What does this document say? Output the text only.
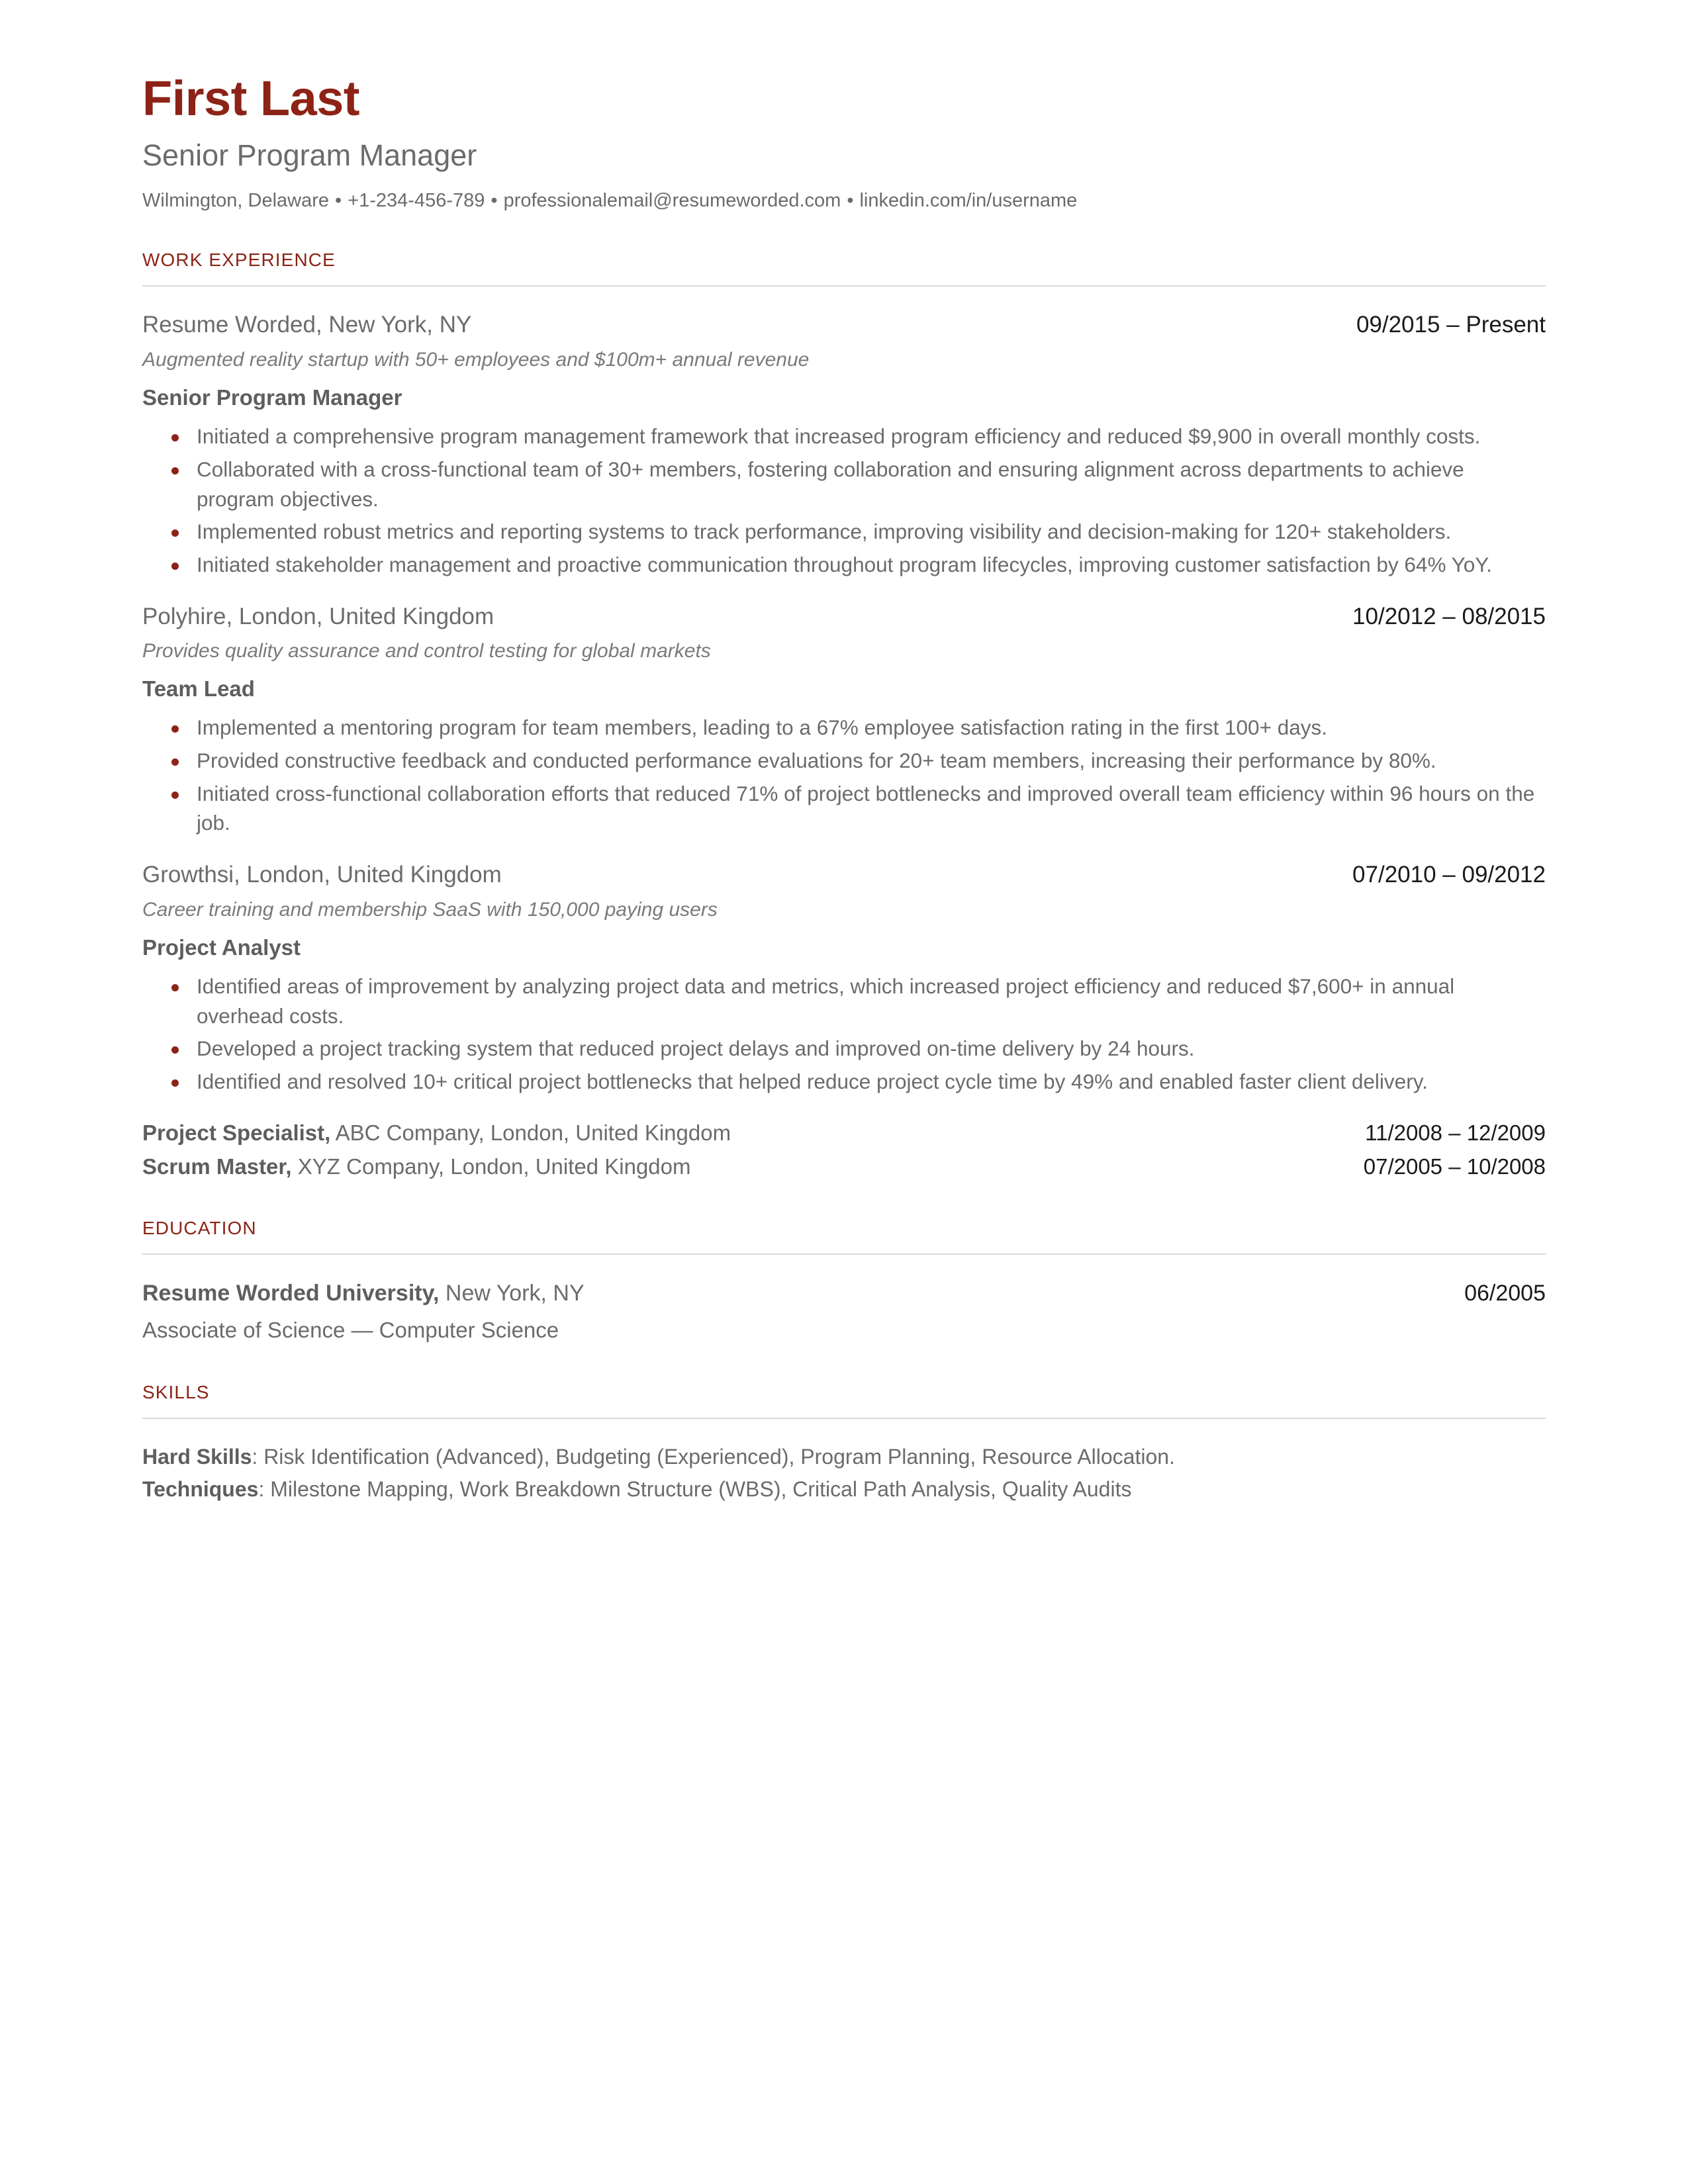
First Last
Senior Program Manager
Wilmington, Delaware • +1-234-456-789 • professionalemail@resumeworded.com • linkedin.com/in/username
WORK EXPERIENCE
Resume Worded, New York, NY	09/2015 – Present
Augmented reality startup with 50+ employees and $100m+ annual revenue
Senior Program Manager
Initiated a comprehensive program management framework that increased program efficiency and reduced $9,900 in overall monthly costs.
Collaborated with a cross-functional team of 30+ members, fostering collaboration and ensuring alignment across departments to achieve program objectives.
Implemented robust metrics and reporting systems to track performance, improving visibility and decision-making for 120+ stakeholders.
Initiated stakeholder management and proactive communication throughout program lifecycles, improving customer satisfaction by 64% YoY.
Polyhire, London, United Kingdom	10/2012 – 08/2015
Provides quality assurance and control testing for global markets
Team Lead
Implemented a mentoring program for team members, leading to a 67% employee satisfaction rating in the first 100+ days.
Provided constructive feedback and conducted performance evaluations for 20+ team members, increasing their performance by 80%.
Initiated cross-functional collaboration efforts that reduced 71% of project bottlenecks and improved overall team efficiency within 96 hours on the job.
Growthsi, London, United Kingdom	07/2010 – 09/2012
Career training and membership SaaS with 150,000 paying users
Project Analyst
Identified areas of improvement by analyzing project data and metrics, which increased project efficiency and reduced $7,600+ in annual overhead costs.
Developed a project tracking system that reduced project delays and improved on-time delivery by 24 hours.
Identified and resolved 10+ critical project bottlenecks that helped reduce project cycle time by 49% and enabled faster client delivery.
Project Specialist, ABC Company, London, United Kingdom	11/2008 – 12/2009
Scrum Master, XYZ Company, London, United Kingdom	07/2005 – 10/2008
EDUCATION
Resume Worded University, New York, NY	06/2005
Associate of Science — Computer Science
SKILLS
Hard Skills: Risk Identification (Advanced), Budgeting (Experienced), Program Planning, Resource Allocation.
Techniques: Milestone Mapping, Work Breakdown Structure (WBS), Critical Path Analysis, Quality Audits
